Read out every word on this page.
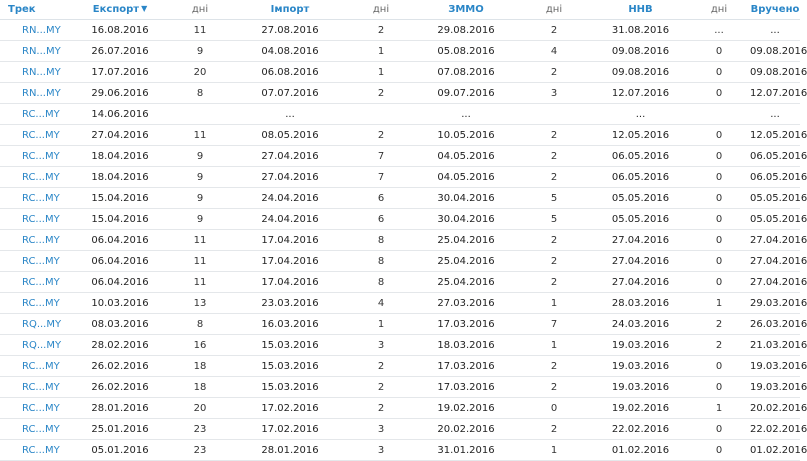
Трек	Експорт ▼	дні	Імпорт	дні	ЗММО	дні	ННВ	дні	Вручено
RN...MY	16.08.2016	11	27.08.2016	2	29.08.2016	2	31.08.2016	...	...
RN...MY	26.07.2016	9	04.08.2016	1	05.08.2016	4	09.08.2016	0	09.08.2016
RN...MY	17.07.2016	20	06.08.2016	1	07.08.2016	2	09.08.2016	0	09.08.2016
RN...MY	29.06.2016	8	07.07.2016	2	09.07.2016	3	12.07.2016	0	12.07.2016
RC...MY	14.06.2016		...		...		...		...
RC...MY	27.04.2016	11	08.05.2016	2	10.05.2016	2	12.05.2016	0	12.05.2016
RC...MY	18.04.2016	9	27.04.2016	7	04.05.2016	2	06.05.2016	0	06.05.2016
RC...MY	18.04.2016	9	27.04.2016	7	04.05.2016	2	06.05.2016	0	06.05.2016
RC...MY	15.04.2016	9	24.04.2016	6	30.04.2016	5	05.05.2016	0	05.05.2016
RC...MY	15.04.2016	9	24.04.2016	6	30.04.2016	5	05.05.2016	0	05.05.2016
RC...MY	06.04.2016	11	17.04.2016	8	25.04.2016	2	27.04.2016	0	27.04.2016
RC...MY	06.04.2016	11	17.04.2016	8	25.04.2016	2	27.04.2016	0	27.04.2016
RC...MY	06.04.2016	11	17.04.2016	8	25.04.2016	2	27.04.2016	0	27.04.2016
RC...MY	10.03.2016	13	23.03.2016	4	27.03.2016	1	28.03.2016	1	29.03.2016
RQ...MY	08.03.2016	8	16.03.2016	1	17.03.2016	7	24.03.2016	2	26.03.2016
RQ...MY	28.02.2016	16	15.03.2016	3	18.03.2016	1	19.03.2016	2	21.03.2016
RC...MY	26.02.2016	18	15.03.2016	2	17.03.2016	2	19.03.2016	0	19.03.2016
RC...MY	26.02.2016	18	15.03.2016	2	17.03.2016	2	19.03.2016	0	19.03.2016
RC...MY	28.01.2016	20	17.02.2016	2	19.02.2016	0	19.02.2016	1	20.02.2016
RC...MY	25.01.2016	23	17.02.2016	3	20.02.2016	2	22.02.2016	0	22.02.2016
RC...MY	05.01.2016	23	28.01.2016	3	31.01.2016	1	01.02.2016	0	01.02.2016
